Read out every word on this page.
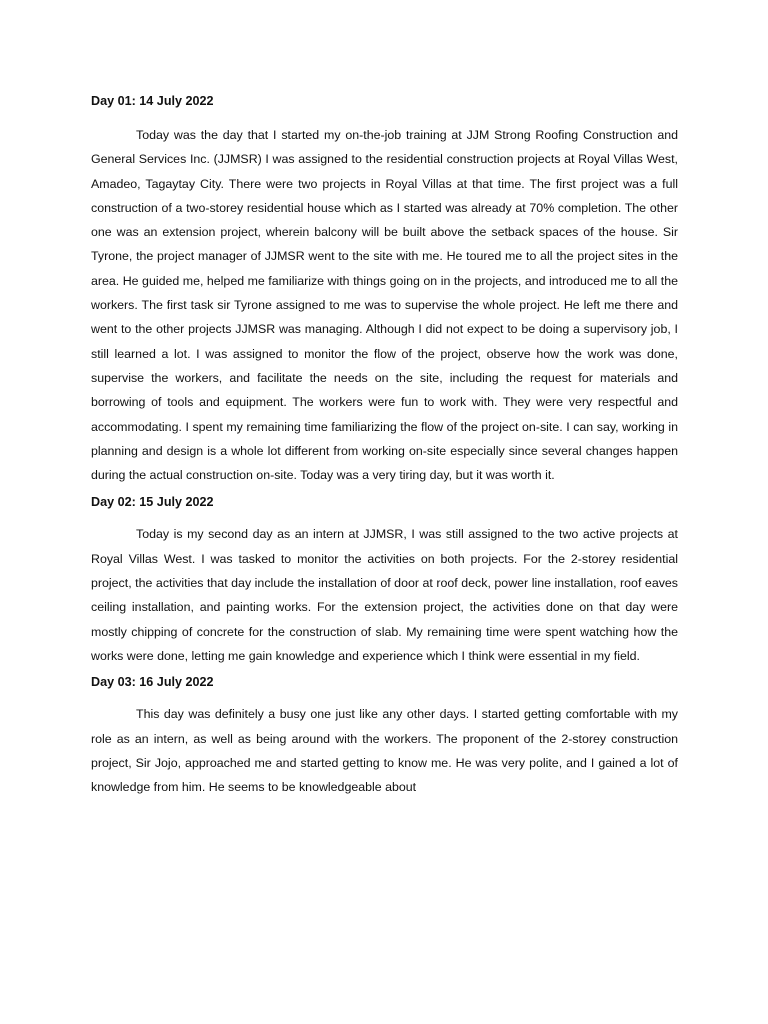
Day 01: 14 July 2022

Today was the day that I started my on-the-job training at JJM Strong Roofing Construction and General Services Inc. (JJMSR) I was assigned to the residential construction projects at Royal Villas West, Amadeo, Tagaytay City. There were two projects in Royal Villas at that time. The first project was a full construction of a two-storey residential house which as I started was already at 70% completion. The other one was an extension project, wherein balcony will be built above the setback spaces of the house. Sir Tyrone, the project manager of JJMSR went to the site with me. He toured me to all the project sites in the area. He guided me, helped me familiarize with things going on in the projects, and introduced me to all the workers. The first task sir Tyrone assigned to me was to supervise the whole project. He left me there and went to the other projects JJMSR was managing. Although I did not expect to be doing a supervisory job, I still learned a lot. I was assigned to monitor the flow of the project, observe how the work was done, supervise the workers, and facilitate the needs on the site, including the request for materials and borrowing of tools and equipment. The workers were fun to work with. They were very respectful and accommodating. I spent my remaining time familiarizing the flow of the project on-site. I can say, working in planning and design is a whole lot different from working on-site especially since several changes happen during the actual construction on-site. Today was a very tiring day, but it was worth it.

Day 02: 15 July 2022

Today is my second day as an intern at JJMSR, I was still assigned to the two active projects at Royal Villas West. I was tasked to monitor the activities on both projects. For the 2-storey residential project, the activities that day include the installation of door at roof deck, power line installation, roof eaves ceiling installation, and painting works. For the extension project, the activities done on that day were mostly chipping of concrete for the construction of slab. My remaining time were spent watching how the works were done, letting me gain knowledge and experience which I think were essential in my field.

Day 03: 16 July 2022

This day was definitely a busy one just like any other days. I started getting comfortable with my role as an intern, as well as being around with the workers. The proponent of the 2-storey construction project, Sir Jojo, approached me and started getting to know me. He was very polite, and I gained a lot of knowledge from him. He seems to be knowledgeable about
